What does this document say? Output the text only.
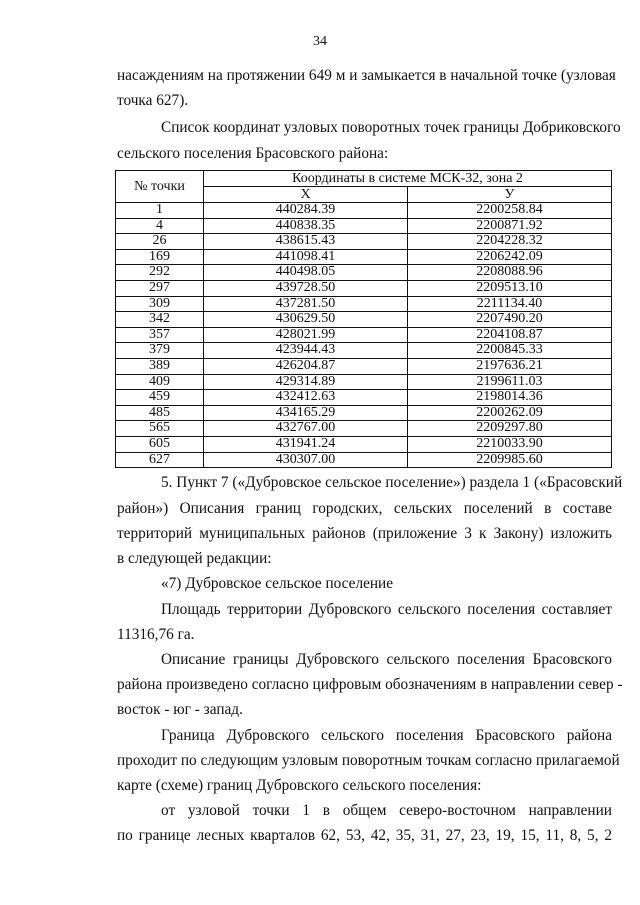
34
насаждениям на протяжении 649 м и замыкается в начальной точке (узловая
точка 627).
Список координат узловых поворотных точек границы Добриковского
сельского поселения Брасовского района:
№ точки	Координаты в системе МСК-32, зона 2	
	Х	У
1	440284.39	2200258.84
4	440838.35	2200871.92
26	438615.43	2204228.32
169	441098.41	2206242.09
292	440498.05	2208088.96
297	439728.50	2209513.10
309	437281.50	2211134.40
342	430629.50	2207490.20
357	428021.99	2204108.87
379	423944.43	2200845.33
389	426204.87	2197636.21
409	429314.89	2199611.03
459	432412.63	2198014.36
485	434165.29	2200262.09
565	432767.00	2209297.80
605	431941.24	2210033.90
627	430307.00	2209985.60
5. Пункт 7 («Дубровское сельское поселение») раздела 1 («Брасовский
район») Описания границ городских, сельских поселений в составе
территорий муниципальных районов (приложение 3 к Закону) изложить
в следующей редакции:
«7) Дубровское сельское поселение
Площадь территории Дубровского сельского поселения составляет
11316,76 га.
Описание границы Дубровского сельского поселения Брасовского
района произведено согласно цифровым обозначениям в направлении север -
восток - юг - запад.
Граница Дубровского сельского поселения Брасовского района
проходит по следующим узловым поворотным точкам согласно прилагаемой
карте (схеме) границ Дубровского сельского поселения:
от узловой точки 1 в общем северо-восточном направлении
по границе лесных кварталов 62, 53, 42, 35, 31, 27, 23, 19, 15, 11, 8, 5, 2
